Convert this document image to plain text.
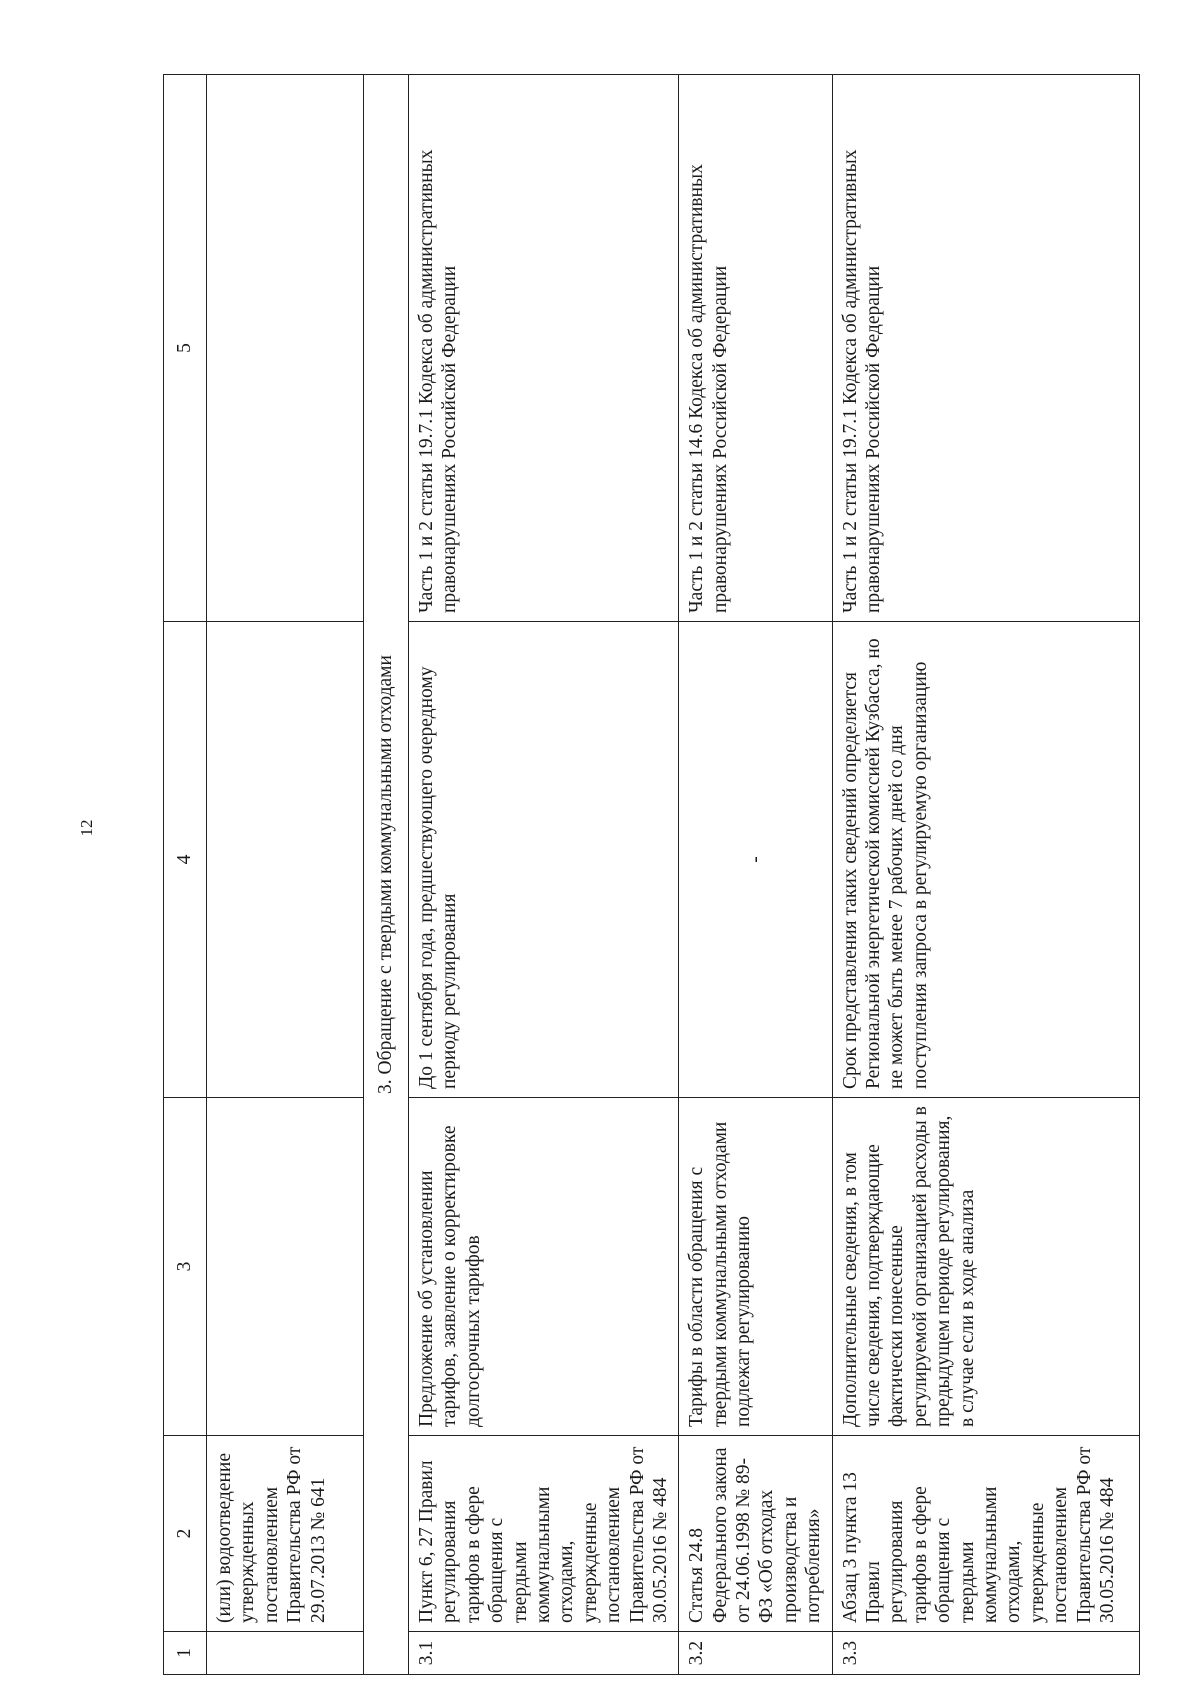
12
1	2	3	4	5
	(или) водоотведение утвержденных постановлением Правительства РФ от 29.07.2013 № 641			
3. Обращение с твердыми коммунальными отходами				
3.1	Пункт 6, 27 Правил регулирования тарифов в сфере обращения с твердыми коммунальными отходами, утвержденные постановлением Правительства РФ от 30.05.2016 № 484	Предложение об установлении тарифов, заявление о корректировке долгосрочных тарифов	До 1 сентября года, предшествующего очередному периоду регулирования	Часть 1 и 2 статьи 19.7.1 Кодекса об административных правонарушениях Российской Федерации
3.2	Статья 24.8 Федерального закона от 24.06.1998 № 89-ФЗ «Об отходах производства и потребления»	Тарифы в области обращения с твердыми коммунальными отходами подлежат регулированию	-	Часть 1 и 2 статьи 14.6 Кодекса об административных правонарушениях Российской Федерации
3.3	Абзац 3 пункта 13 Правил регулирования тарифов в сфере обращения с твердыми коммунальными отходами, утвержденные постановлением Правительства РФ от 30.05.2016 № 484	Дополнительные сведения, в том числе сведения, подтверждающие фактически понесенные регулируемой организацией расходы в предыдущем периоде регулирования, в случае если в ходе анализа	Срок представления таких сведений определяется Региональной энергетической комиссией Кузбасса, но не может быть менее 7 рабочих дней со дня поступления запроса в регулируемую организацию	Часть 1 и 2 статьи 19.7.1 Кодекса об административных правонарушениях Российской Федерации
